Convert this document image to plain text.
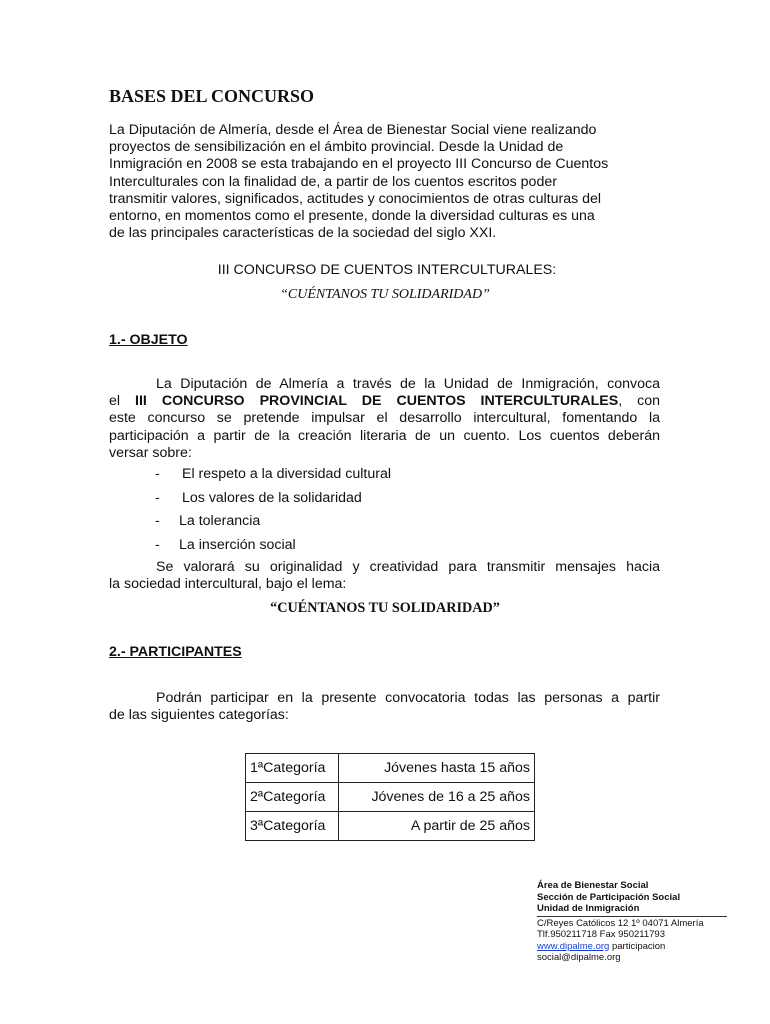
BASES DEL CONCURSO

La Diputación de Almería, desde el Área de Bienestar Social viene realizando
proyectos de sensibilización en el ámbito provincial. Desde la Unidad de
Inmigración en 2008 se esta trabajando en el proyecto III Concurso de Cuentos
Interculturales con la finalidad de, a partir de los cuentos escritos poder
transmitir valores, significados, actitudes y conocimientos de otras culturas del
entorno, en momentos como el presente, donde la diversidad culturas es una
de las principales características de la sociedad del siglo XXI.

III CONCURSO DE CUENTOS INTERCULTURALES:

“CUÉNTANOS TU SOLIDARIDAD”

1.- OBJETO

La Diputación de Almería a través de la Unidad de Inmigración, convoca
el III CONCURSO PROVINCIAL DE CUENTOS INTERCULTURALES, con
este concurso se pretende impulsar el desarrollo intercultural, fomentando la
participación a partir de la creación literaria de un cuento. Los cuentos deberán
versar sobre:

- El respeto a la diversidad cultural
- Los valores de la solidaridad
- La tolerancia
- La inserción social

Se valorará su originalidad y creatividad para transmitir mensajes hacia
la sociedad intercultural, bajo el lema:

“CUÉNTANOS TU SOLIDARIDAD”

2.- PARTICIPANTES

Podrán participar en la presente convocatoria todas las personas a partir
de las siguientes categorías:

1ªCategoría	Jóvenes hasta 15 años
2ªCategoría	Jóvenes de 16 a 25 años
3ªCategoría	A partir de 25 años
Área de Bienestar Social
Sección de Participación Social
Unidad de Inmigración
C/Reyes Católicos 12 1º 04071 Almería
Tlf.950211718 Fax 950211793
www.dipalme.org participacion
social@dipalme.org
